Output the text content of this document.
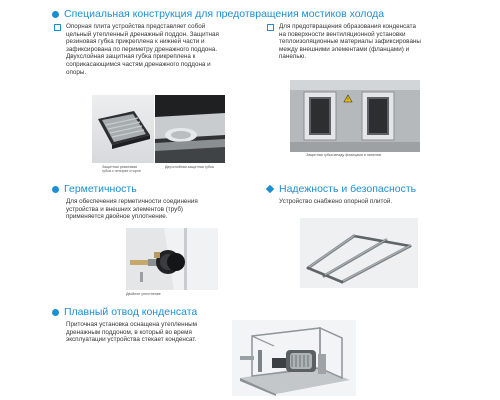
Специальная конструкция для предотвращения мостиков холода
Опорная плита устройства представляет собой
цельный утепленный дренажный поддон. Защитная
резиновая губка прикреплена к нижней части и
зафиксирована по периметру дренажного поддона.
Двухслойная защитная губка прикреплена к
соприкасающимся частям дренажного поддона и
опоры.
Для предотвращения образования конденсата
на поверхности вентиляционной установки
теплоизоляционные материалы зафиксированы
между внешними элементами (фланцами) и
панелью.
Защитная резиновая
губка с четырех сторон
Двухслойная защитная губка
!
Защитная губка между фланцами и панелью
Герметичность
Для обеспечения герметичности соединения
устройства и внешних элементов (труб)
применяется двойное уплотнение.
Двойное уплотнение
Надежность и безопасность
Устройство снабжено опорной плитой.
Плавный отвод конденсата
Приточная установка оснащена утепленным
дренажным поддоном, в который во время
эксплуатации устройства стекает конденсат.
